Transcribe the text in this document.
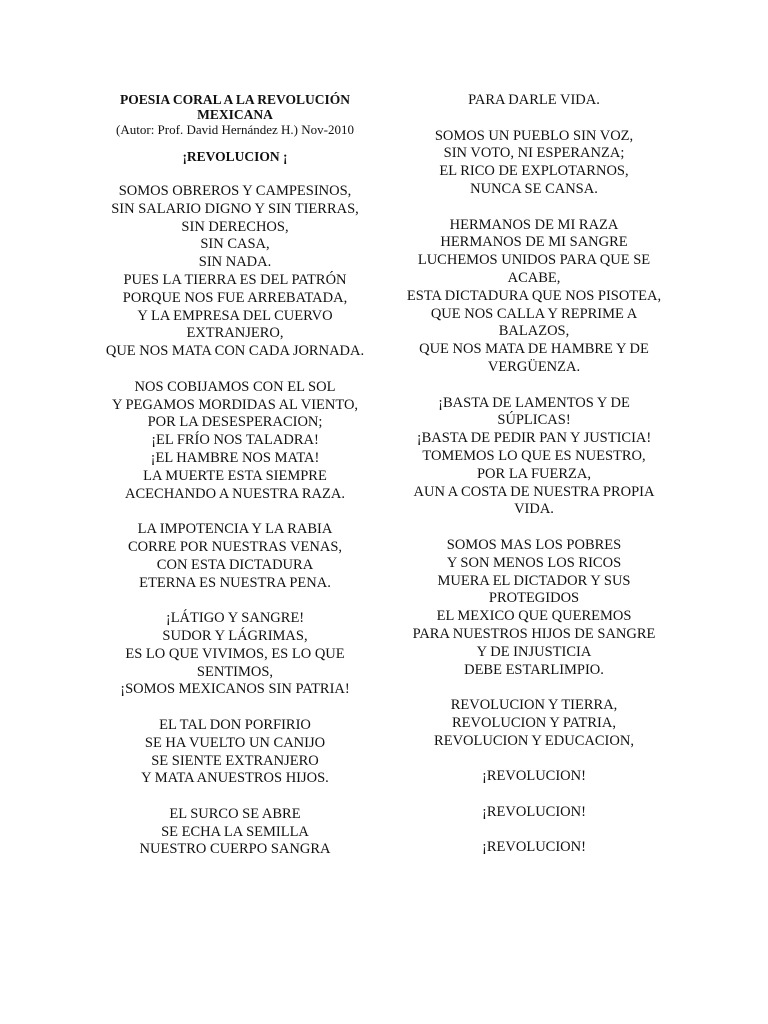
POESIA CORAL A LA REVOLUCIÓN MEXICANA
(Autor: Prof. David Hernández H.) Nov-2010
¡REVOLUCION ¡
SOMOS OBREROS Y CAMPESINOS,
SIN SALARIO DIGNO Y SIN TIERRAS,
SIN DERECHOS,
SIN CASA,
SIN NADA.
PUES LA TIERRA ES DEL PATRÓN
PORQUE NOS FUE ARREBATADA,
Y LA EMPRESA DEL CUERVO EXTRANJERO,
QUE NOS MATA CON CADA JORNADA.
NOS COBIJAMOS CON EL SOL
Y PEGAMOS MORDIDAS AL VIENTO,
POR LA DESESPERACION;
¡EL FRÍO NOS TALADRA!
¡EL HAMBRE NOS MATA!
LA MUERTE ESTA SIEMPRE
ACECHANDO A NUESTRA RAZA.
LA IMPOTENCIA Y LA RABIA
CORRE POR NUESTRAS VENAS,
CON ESTA DICTADURA
ETERNA ES NUESTRA PENA.
¡LÁTIGO Y SANGRE!
SUDOR Y LÁGRIMAS,
ES LO QUE VIVIMOS, ES LO QUE SENTIMOS,
¡SOMOS MEXICANOS SIN PATRIA!
EL TAL DON PORFIRIO
SE HA VUELTO UN CANIJO
SE SIENTE EXTRANJERO
Y MATA ANUESTROS HIJOS.
EL SURCO SE ABRE
SE ECHA LA SEMILLA
NUESTRO CUERPO SANGRA
PARA DARLE VIDA.
SOMOS UN PUEBLO SIN VOZ,
SIN VOTO, NI ESPERANZA;
EL RICO DE EXPLOTARNOS,
NUNCA SE CANSA.
HERMANOS DE MI RAZA
HERMANOS DE MI SANGRE
LUCHEMOS UNIDOS PARA QUE SE ACABE,
ESTA DICTADURA QUE NOS PISOTEA,
QUE NOS CALLA Y REPRIME A BALAZOS,
QUE NOS MATA DE HAMBRE Y DE VERGÜENZA.
¡BASTA DE LAMENTOS Y DE SÚPLICAS!
¡BASTA DE PEDIR PAN Y JUSTICIA!
TOMEMOS LO QUE ES NUESTRO,
POR LA FUERZA,
AUN A COSTA DE NUESTRA PROPIA VIDA.
SOMOS MAS LOS POBRES
Y SON MENOS LOS RICOS
MUERA EL DICTADOR Y SUS PROTEGIDOS
EL MEXICO QUE QUEREMOS
PARA NUESTROS HIJOS DE SANGRE
Y DE INJUSTICIA
DEBE ESTARLIMPIO.
REVOLUCION Y TIERRA,
REVOLUCION Y PATRIA,
REVOLUCION Y EDUCACION,
¡REVOLUCION!
¡REVOLUCION!
¡REVOLUCION!
